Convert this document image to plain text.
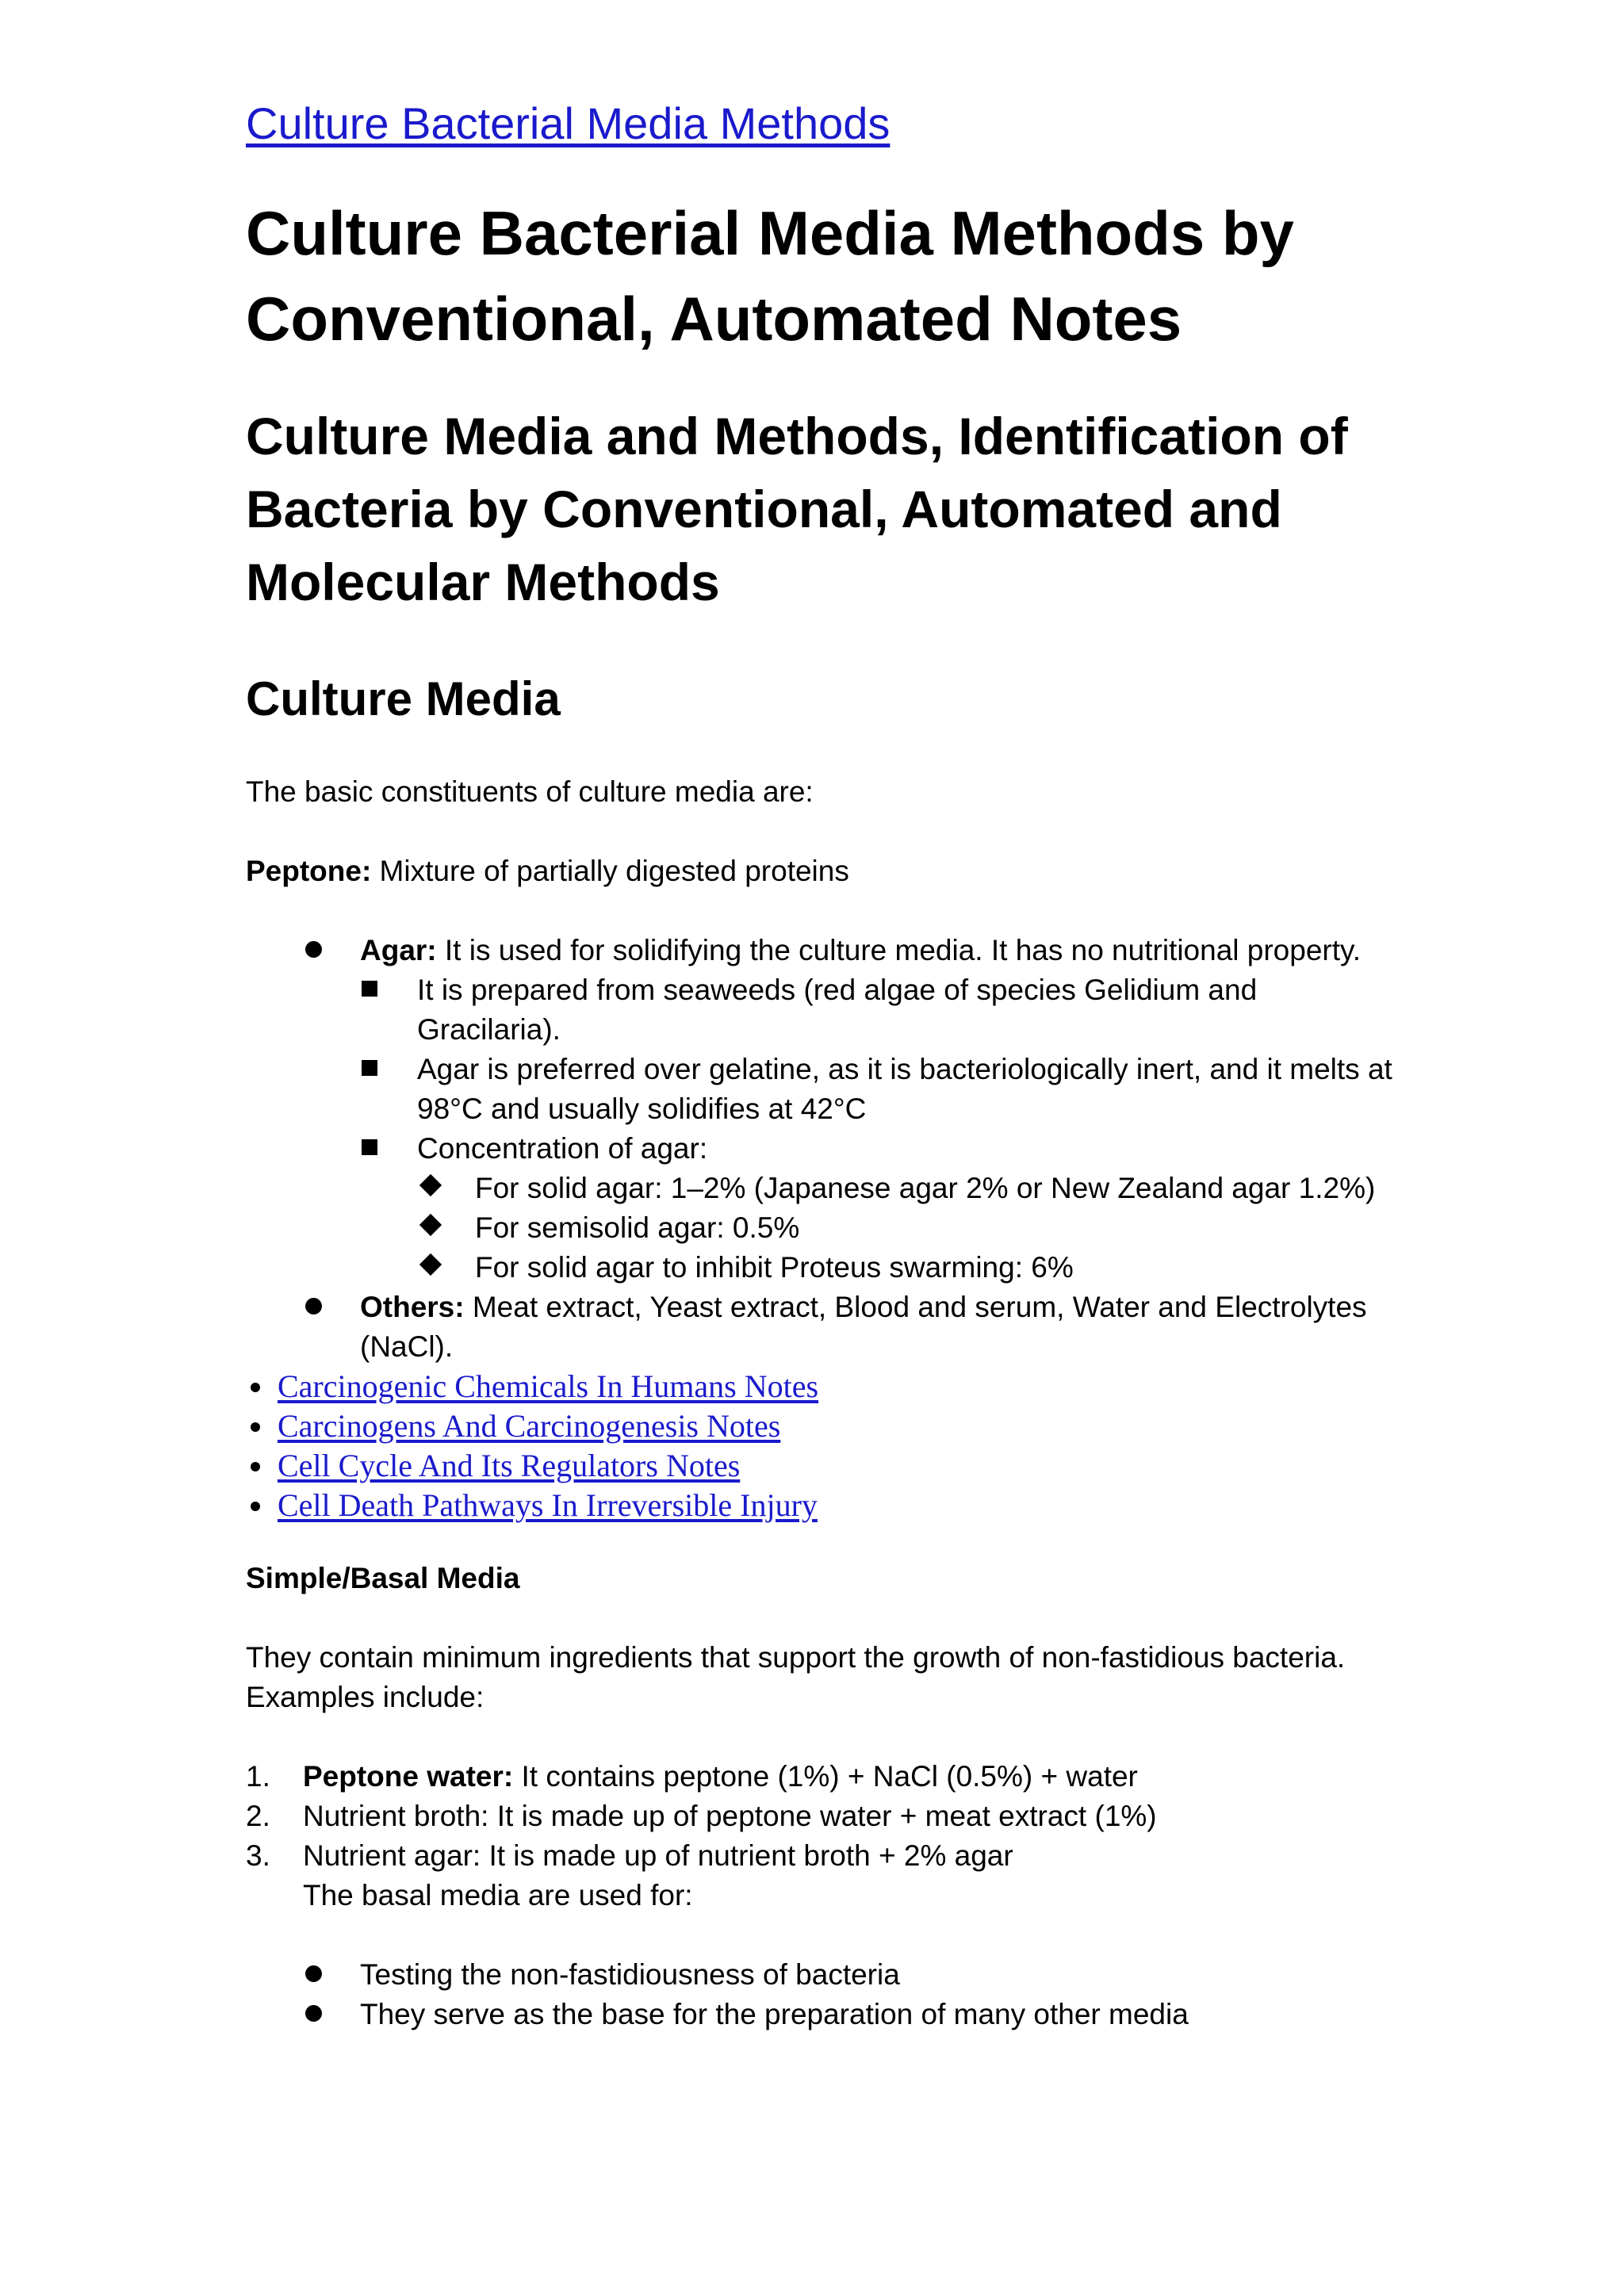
Culture Bacterial Media Methods
Culture Bacterial Media Methods by Conventional, Automated Notes
Culture Media and Methods, Identification of Bacteria by Conventional, Automated and Molecular Methods
Culture Media

The basic constituents of culture media are:

Peptone: Mixture of partially digested proteins

Agar: It is used for solidifying the culture media. It has no nutritional property.
It is prepared from seaweeds (red algae of species Gelidium and Gracilaria).
Agar is preferred over gelatine, as it is bacteriologically inert, and it melts at 98°C and usually solidifies at 42°C
Concentration of agar:
For solid agar: 1–2% (Japanese agar 2% or New Zealand agar 1.2%)
For semisolid agar: 0.5%
For solid agar to inhibit Proteus swarming: 6%
Others: Meat extract, Yeast extract, Blood and serum, Water and Electrolytes (NaCl).
Carcinogenic Chemicals In Humans Notes
Carcinogens And Carcinogenesis Notes
Cell Cycle And Its Regulators Notes
Cell Death Pathways In Irreversible Injury

Simple/Basal Media

They contain minimum ingredients that support the growth of non-fastidious bacteria. Examples include:

1. Peptone water: It contains peptone (1%) + NaCl (0.5%) + water
2. Nutrient broth: It is made up of peptone water + meat extract (1%)
3. Nutrient agar: It is made up of nutrient broth + 2% agar
The basal media are used for:
Testing the non-fastidiousness of bacteria
They serve as the base for the preparation of many other media
